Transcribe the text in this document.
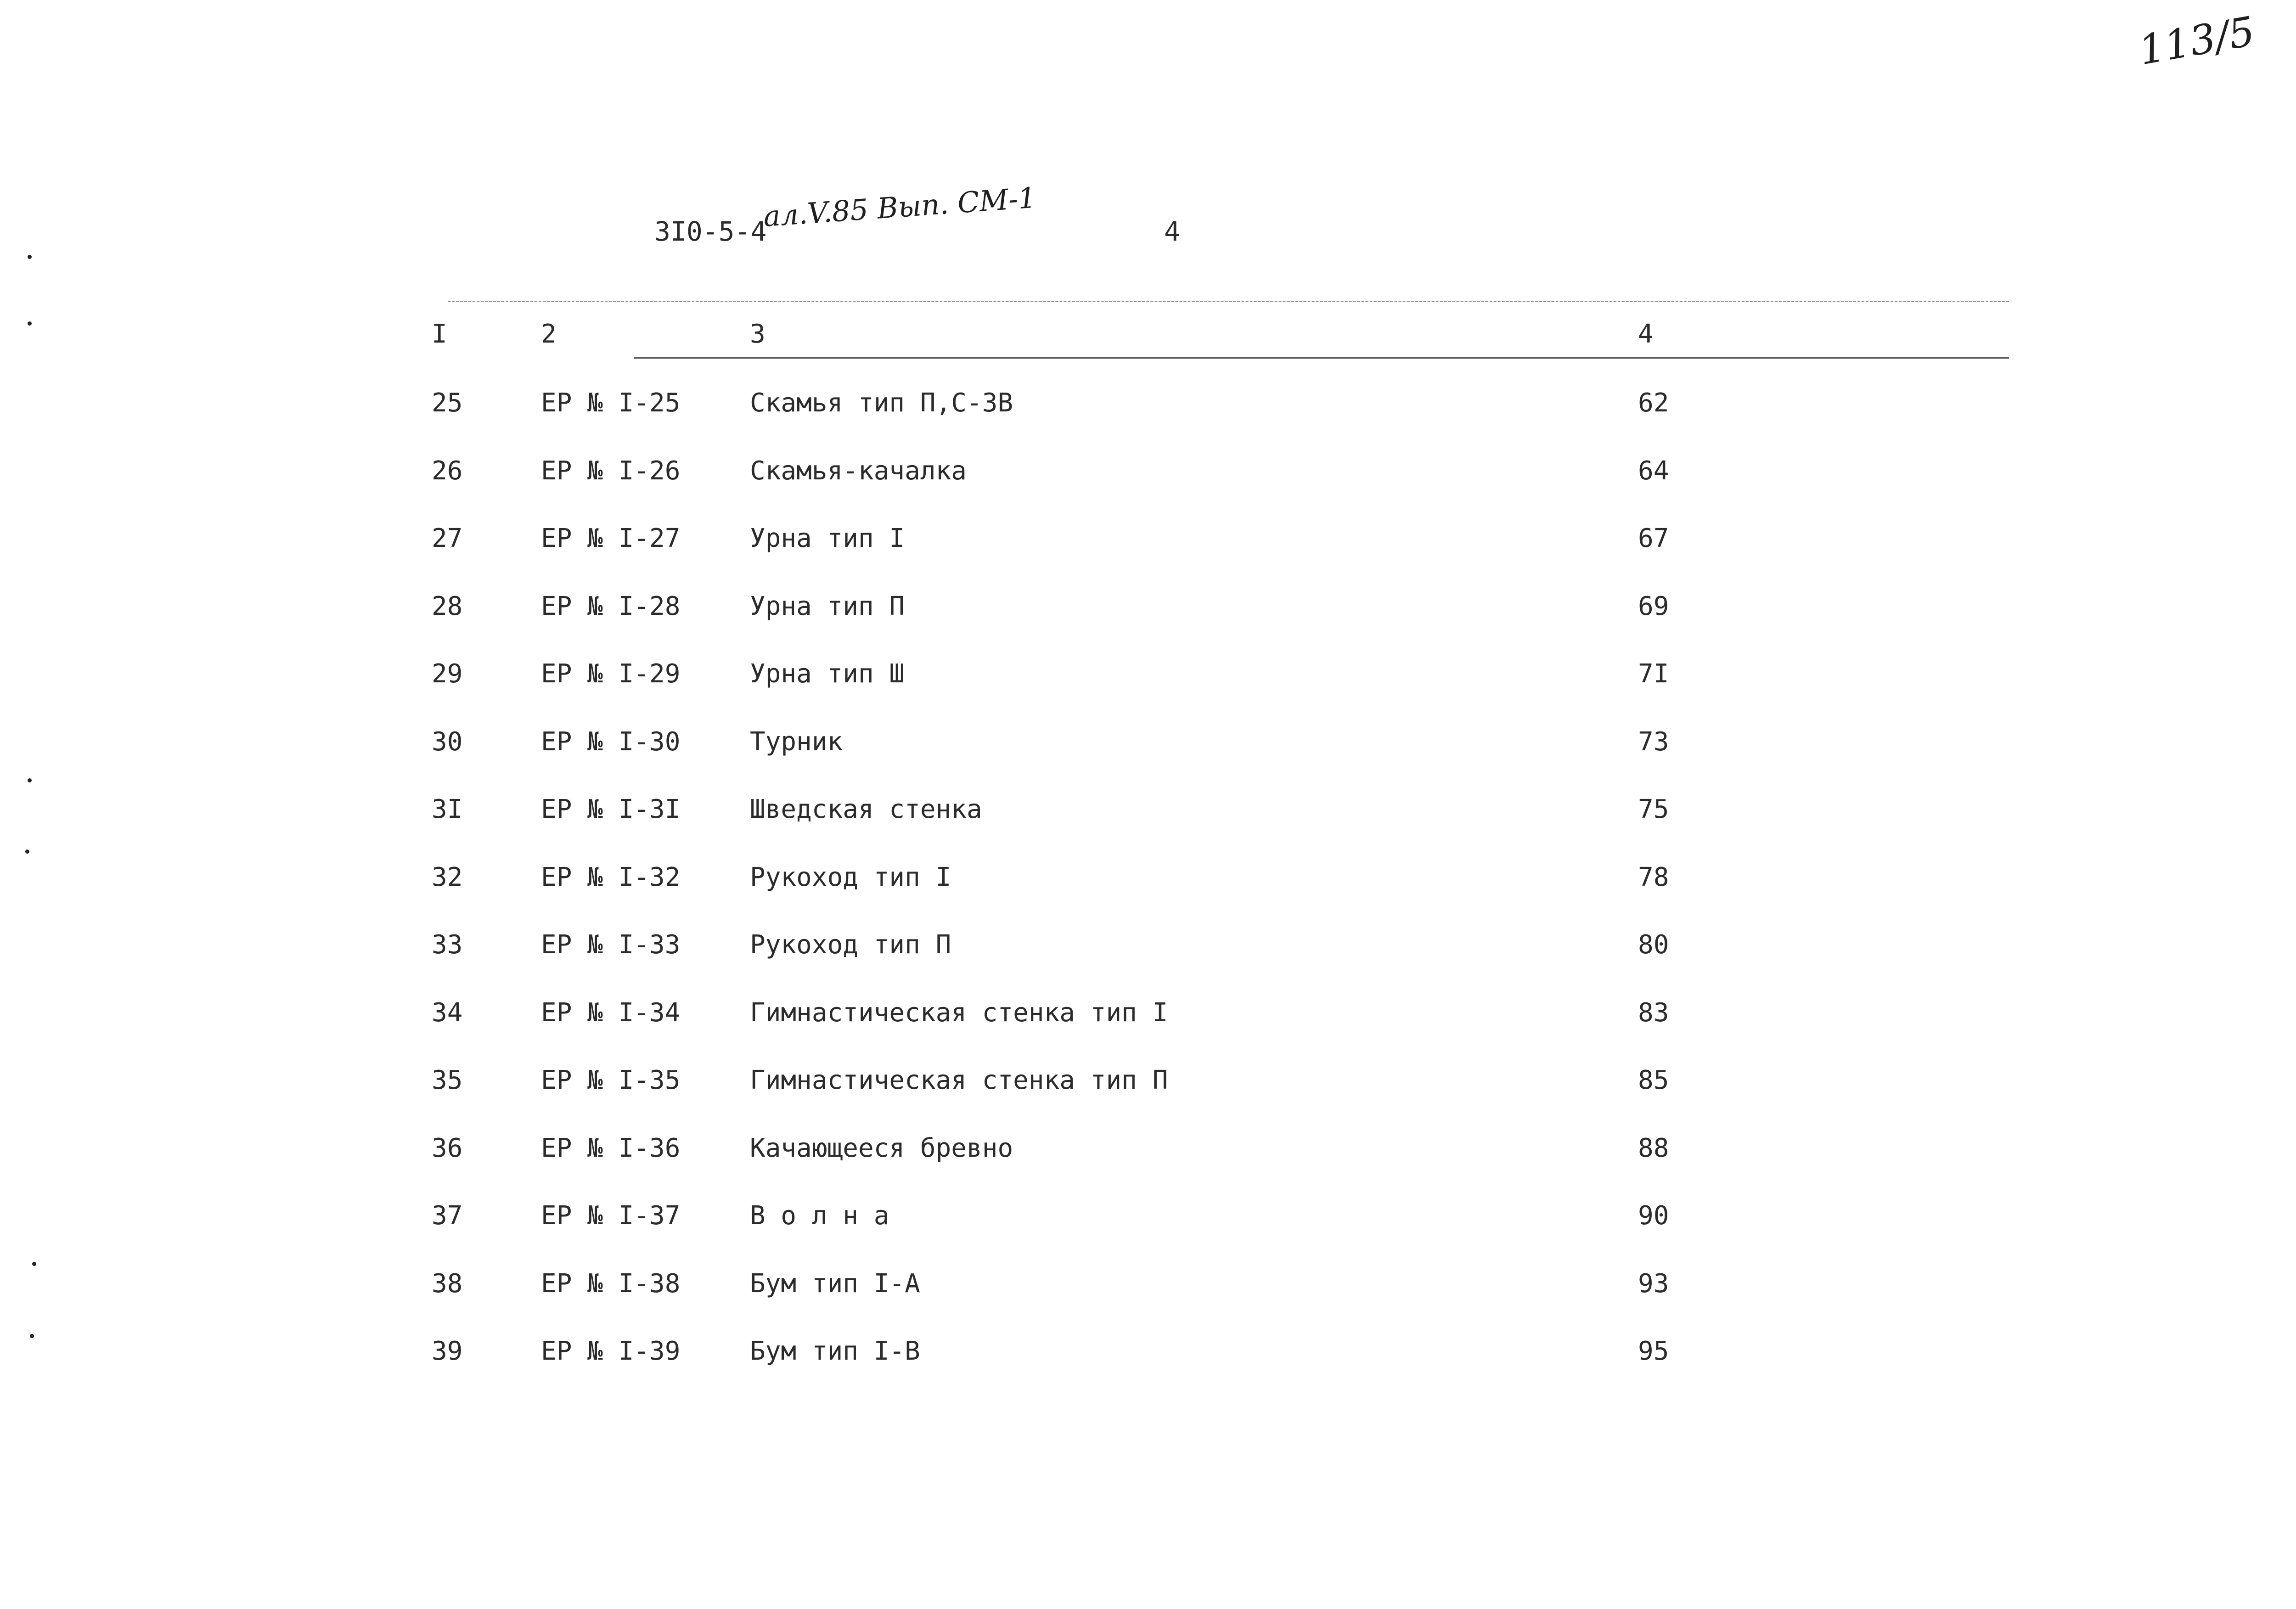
113/5
3I0-5-4
ал.V.85 Вып. СМ-1	4
I	2	3	4
25	ЕР № I-25	Скамья тип П,С-ЗВ	62
26	ЕР № I-26	Скамья-качалка	64
27	ЕР № I-27	Урна тип I	67
28	ЕР № I-28	Урна тип П	69
29	ЕР № I-29	Урна тип Ш	7I
30	ЕР № I-30	Турник	73
3I	ЕР № I-3I	Шведская стенка	75
32	ЕР № I-32	Рукоход тип I	78
33	ЕР № I-33	Рукоход тип П	80
34	ЕР № I-34	Гимнастическая стенка тип I	83
35	ЕР № I-35	Гимнастическая стенка тип П	85
36	ЕР № I-36	Качающееся бревно	88
37	ЕР № I-37	В о л н а	90
38	ЕР № I-38	Бум тип I-А	93
39	ЕР № I-39	Бум тип I-В	95
